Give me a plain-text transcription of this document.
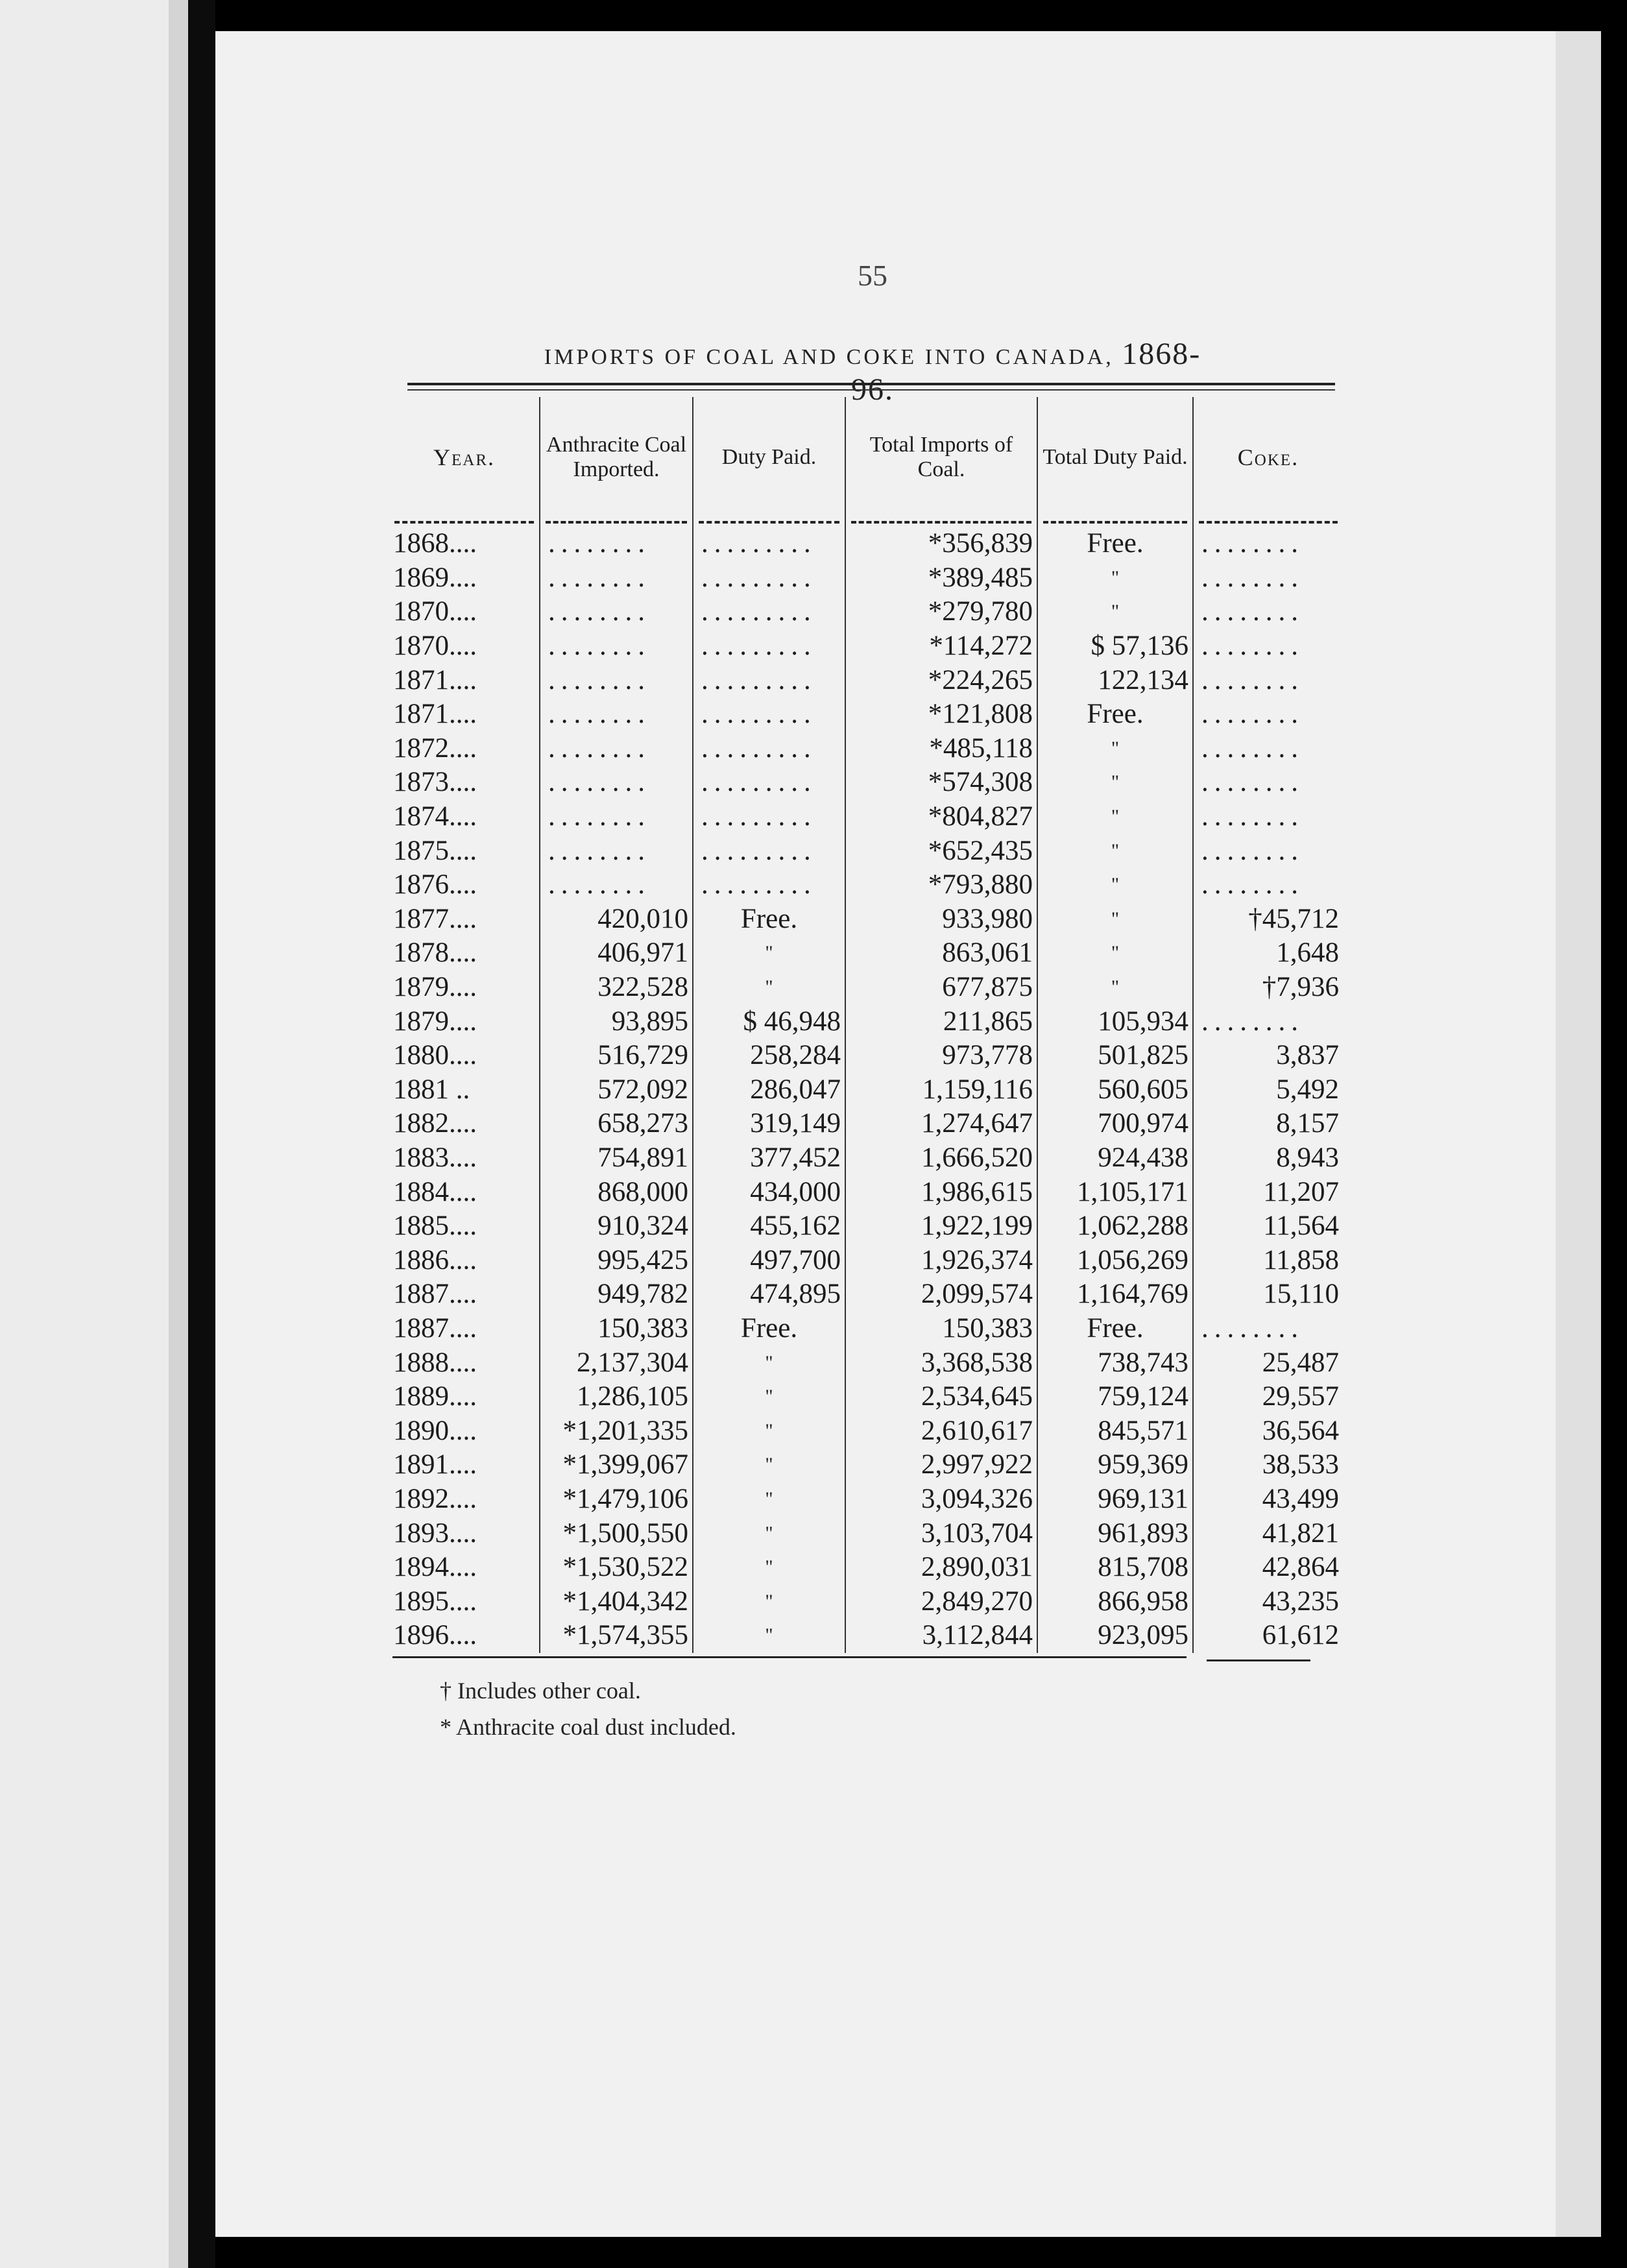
55
IMPORTS OF COAL AND COKE INTO CANADA, 1868-
Year.	Anthracite Coal Imported.	Duty Paid.	Total Imports of Coal.	Total Duty Paid.	Coke.

1868....	........	.........	*356,839	Free.	........
1869....	........	.........	*389,485	"	........
1870....	........	.........	*279,780	"	........
1870....	........	.........	*114,272	$ 57,136	........
1871....	........	.........	*224,265	122,134	........
1871....	........	.........	*121,808	Free.	........
1872....	........	.........	*485,118	"	........
1873....	........	.........	*574,308	"	........
1874....	........	.........	*804,827	"	........
1875....	........	.........	*652,435	"	........
1876....	........	.........	*793,880	"	........
1877....	420,010	Free.	933,980	"	†45,712
1878....	406,971	"	863,061	"	1,648
1879....	322,528	"	677,875	"	†7,936
1879....	93,895	$ 46,948	211,865	105,934	........
1880....	516,729	258,284	973,778	501,825	3,837
1881 ..	572,092	286,047	1,159,116	560,605	5,492
1882....	658,273	319,149	1,274,647	700,974	8,157
1883....	754,891	377,452	1,666,520	924,438	8,943
1884....	868,000	434,000	1,986,615	1,105,171	11,207
1885....	910,324	455,162	1,922,199	1,062,288	11,564
1886....	995,425	497,700	1,926,374	1,056,269	11,858
1887....	949,782	474,895	2,099,574	1,164,769	15,110
1887....	150,383	Free.	150,383	Free.	........
1888....	2,137,304	"	3,368,538	738,743	25,487
1889....	1,286,105	"	2,534,645	759,124	29,557
1890....	*1,201,335	"	2,610,617	845,571	36,564
1891....	*1,399,067	"	2,997,922	959,369	38,533
1892....	*1,479,106	"	3,094,326	969,131	43,499
1893....	*1,500,550	"	3,103,704	961,893	41,821
1894....	*1,530,522	"	2,890,031	815,708	42,864
1895....	*1,404,342	"	2,849,270	866,958	43,235
1896....	*1,574,355	"	3,112,844	923,095	61,612
† Includes other coal.
* Anthracite coal dust included.
